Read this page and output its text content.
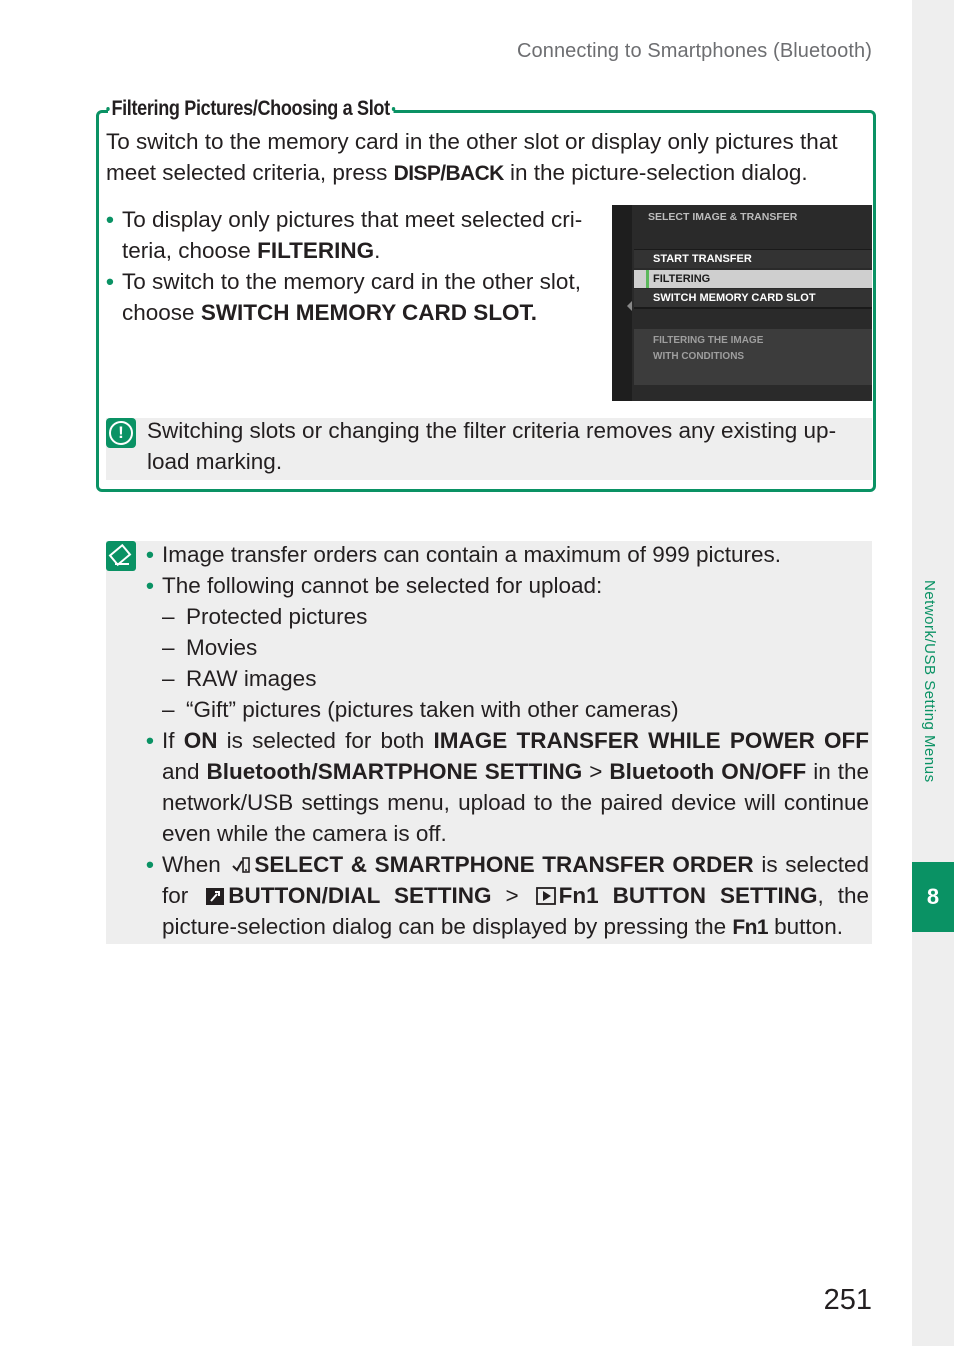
Connecting to Smartphones (Bluetooth)
Network/USB Setting Menus
8
Filtering Pictures/Choosing a Slot
To switch to the memory card in the other slot or display only pictures that meet selected criteria, press DISP/BACK in the picture-selection dialog.
• To display only pictures that meet selected criteria, choose FILTERING.
• To switch to the memory card in the other slot, choose SWITCH MEMORY CARD SLOT.
SELECT IMAGE & TRANSFER
START TRANSFER
FILTERING
SWITCH MEMORY CARD SLOT
FILTERING THE IMAGE
WITH CONDITIONS
!	Switching slots or changing the filter criteria removes any existing upload marking.
• Image transfer orders can contain a maximum of 999 pictures.
• The following cannot be selected for upload:
– Protected pictures
– Movies
– RAW images
– “Gift” pictures (pictures taken with other cameras)
• If ON is selected for both IMAGE TRANSFER WHILE POWER OFF and Bluetooth/SMARTPHONE SETTING > Bluetooth ON/OFF in the network/USB settings menu, upload to the paired device will continue even while the camera is off.
• When SELECT & SMARTPHONE TRANSFER ORDER is selected for BUTTON/DIAL SETTING > Fn1 BUTTON SETTING, the picture-selection dialog can be displayed by pressing the Fn1 button.
251
